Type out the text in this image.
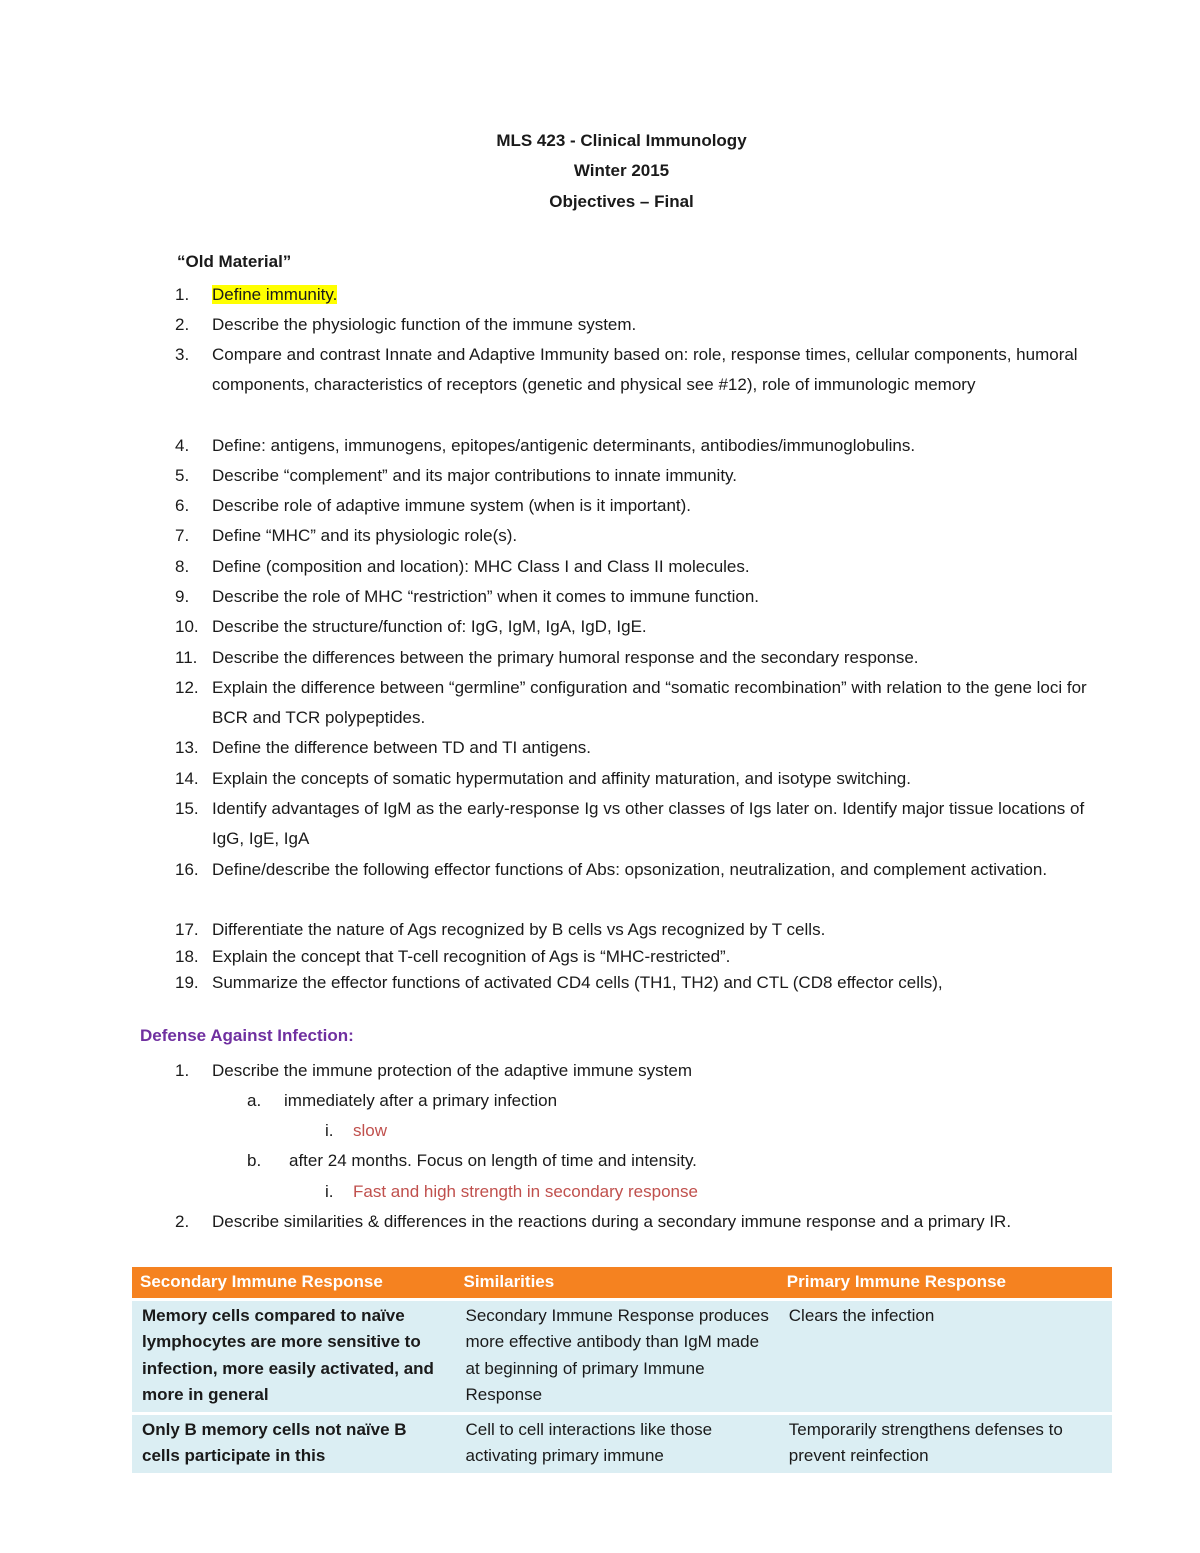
MLS 423 - Clinical Immunology
Winter 2015
Objectives – Final
“Old Material”
1. Define immunity.
2. Describe the physiologic function of the immune system.
3. Compare and contrast Innate and Adaptive Immunity based on: role, response times, cellular components, humoral components, characteristics of receptors (genetic and physical see #12), role of immunologic memory
4. Define: antigens, immunogens, epitopes/antigenic determinants, antibodies/immunoglobulins.
5. Describe “complement” and its major contributions to innate immunity.
6. Describe role of adaptive immune system (when is it important).
7. Define “MHC” and its physiologic role(s).
8. Define (composition and location): MHC Class I and Class II molecules.
9. Describe the role of MHC “restriction” when it comes to immune function.
10. Describe the structure/function of: IgG, IgM, IgA, IgD, IgE.
11. Describe the differences between the primary humoral response and the secondary response.
12. Explain the difference between “germline” configuration and “somatic recombination” with relation to the gene loci for BCR and TCR polypeptides.
13. Define the difference between TD and TI antigens.
14. Explain the concepts of somatic hypermutation and affinity maturation, and isotype switching.
15. Identify advantages of IgM as the early-response Ig vs other classes of Igs later on. Identify major tissue locations of IgG, IgE, IgA
16. Define/describe the following effector functions of Abs: opsonization, neutralization, and complement activation.
17. Differentiate the nature of Ags recognized by B cells vs Ags recognized by T cells.
18. Explain the concept that T-cell recognition of Ags is “MHC-restricted”.
19. Summarize the effector functions of activated CD4 cells (TH1, TH2) and CTL (CD8 effector cells),
Defense Against Infection:
1. Describe the immune protection of the adaptive immune system
a. immediately after a primary infection
i. slow
b. after 24 months. Focus on length of time and intensity.
i. Fast and high strength in secondary response
2. Describe similarities & differences in the reactions during a secondary immune response and a primary IR.
Secondary Immune Response	Similarities	Primary Immune Response
Memory cells compared to naïve lymphocytes are more sensitive to infection, more easily activated, and more in general	Secondary Immune Response produces more effective antibody than IgM made at beginning of primary Immune Response	Clears the infection
Only B memory cells not naïve B cells participate in this	Cell to cell interactions like those activating primary immune	Temporarily strengthens defenses to prevent reinfection
